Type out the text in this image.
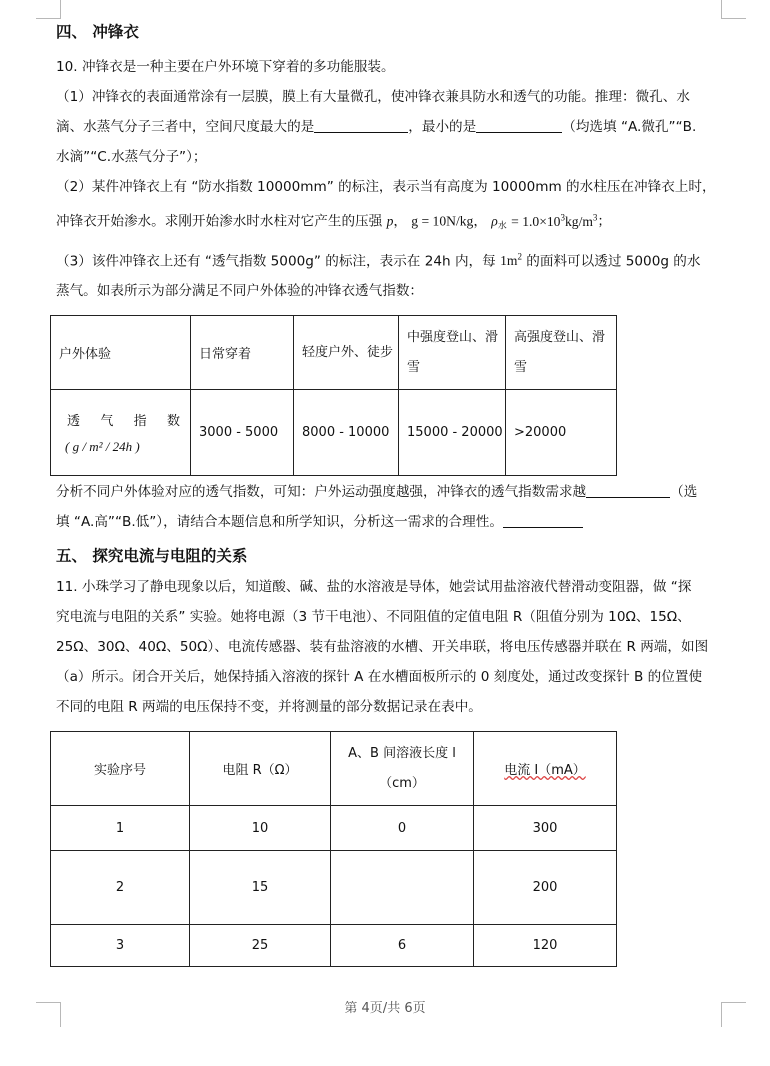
四、 冲锋衣
10. 冲锋衣是一种主要在户外环境下穿着的多功能服装。
（1）冲锋衣的表面通常涂有一层膜，膜上有大量微孔，使冲锋衣兼具防水和透气的功能。推理：微孔、水
滴、水蒸气分子三者中，空间尺度最大的是	，最小的是	（均选填 “A.微孔”“B.
水滴”“C.水蒸气分子”）；
（2）某件冲锋衣上有 “防水指数 10000mm” 的标注，表示当有高度为 10000mm 的水柱压在冲锋衣上时，
冲锋衣开始渗水。求刚开始渗水时水柱对它产生的压强 p， g = 10N/kg， $\rho_水 = 1.0\times 10^3kg/m^3$；
（3）该件冲锋衣上还有 “透气指数 5000g” 的标注，表示在 24h 内，每 $1m^2$ 的面料可以透过 5000g 的水
蒸气。如表所示为部分满足不同户外体验的冲锋衣透气指数：
户外体验	日常穿着	轻度户外、徒步	中强度登山、滑雪	高强度登山、滑雪

透 气 指 数
( g / m² / 24h )	3000 - 5000	8000 - 10000	15000 - 20000	>20000
分析不同户外体验对应的透气指数，可知：户外运动强度越强，冲锋衣的透气指数需求越	（选
填 “A.高”“B.低”），请结合本题信息和所学知识，分析这一需求的合理性。
五、 探究电流与电阻的关系
11. 小珠学习了静电现象以后，知道酸、碱、盐的水溶液是导体，她尝试用盐溶液代替滑动变阻器，做 “探
究电流与电阻的关系” 实验。她将电源（3 节干电池）、不同阻值的定值电阻 R（阻值分别为 10Ω、15Ω、
25Ω、30Ω、40Ω、50Ω）、电流传感器、装有盐溶液的水槽、开关串联，将电压传感器并联在 R 两端，如图
（a）所示。闭合开关后，她保持插入溶液的探针 A 在水槽面板所示的 0 刻度处，通过改变探针 B 的位置使
不同的电阻 R 两端的电压保持不变，并将测量的部分数据记录在表中。
实验序号	电阻 R（Ω）	A、B 间溶液长度 l
（cm）	电流 I（mA）
1	10	0	300
2	15		200
3	25	6	120
第 4页/共 6页
